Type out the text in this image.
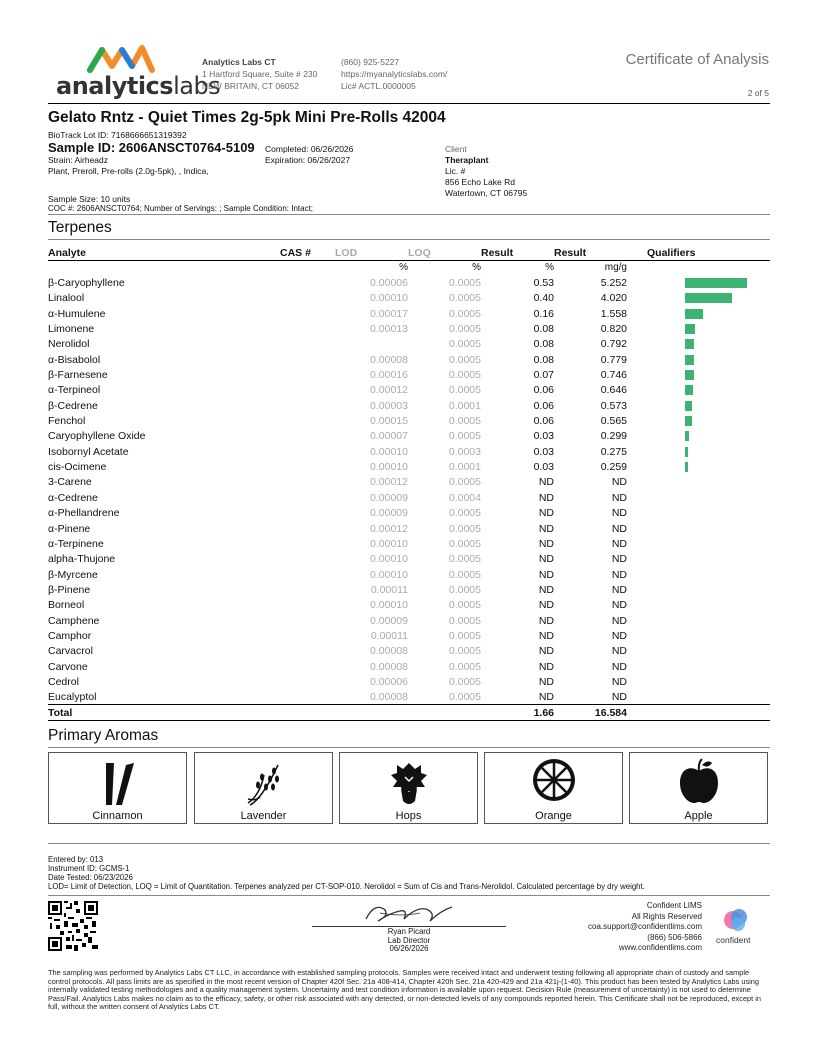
analyticslabs
Analytics Labs CT
1 Hartford Square, Suite # 230
NEW BRITAIN, CT 06052
(860) 925-5227
https://myanalyticslabs.com/
Lic# ACTL.0000005
Certificate of Analysis
2 of 5
Gelato Rntz - Quiet Times 2g-5pk Mini Pre-Rolls 42004
BioTrack Lot ID: 7168666651319392
Sample ID: 2606ANSCT0764-5109 Completed: 06/26/2026
Expiration: 06/26/2027
Strain: Airheadz
Plant, Preroll, Pre-rolls (2.0g-5pk), , Indica,
Sample Size: 10 units
COC #: 2606ANSCT0764; Number of Servings: ; Sample Condition: Intact;
Client
Theraplant
Lic. #
856 Echo Lake Rd
Watertown, CT 06795
Terpenes
Analyte	CAS #	LOD	LOQ	Result	Result	Qualifiers
		%	%	%	mg/g	
β-Caryophyllene		0.00006	0.0005	0.53	5.252	

Linalool		0.00010	0.0005	0.40	4.020	

α-Humulene		0.00017	0.0005	0.16	1.558	

Limonene		0.00013	0.0005	0.08	0.820	

Nerolidol			0.0005	0.08	0.792	

α-Bisabolol		0.00008	0.0005	0.08	0.779	

β-Farnesene		0.00016	0.0005	0.07	0.746	

α-Terpineol		0.00012	0.0005	0.06	0.646	

β-Cedrene		0.00003	0.0001	0.06	0.573	

Fenchol		0.00015	0.0005	0.06	0.565	

Caryophyllene Oxide		0.00007	0.0005	0.03	0.299	

Isobornyl Acetate		0.00010	0.0003	0.03	0.275	

cis-Ocimene		0.00010	0.0001	0.03	0.259	

3-Carene		0.00012	0.0005	ND	ND	
α-Cedrene		0.00009	0.0004	ND	ND	
α-Phellandrene		0.00009	0.0005	ND	ND	
α-Pinene		0.00012	0.0005	ND	ND	
α-Terpinene		0.00010	0.0005	ND	ND	
alpha-Thujone		0.00010	0.0005	ND	ND	
β-Myrcene		0.00010	0.0005	ND	ND	
β-Pinene		0.00011	0.0005	ND	ND	
Borneol		0.00010	0.0005	ND	ND	
Camphene		0.00009	0.0005	ND	ND	
Camphor		0.00011	0.0005	ND	ND	
Carvacrol		0.00008	0.0005	ND	ND	
Carvone		0.00008	0.0005	ND	ND	
Cedrol		0.00006	0.0005	ND	ND	
Eucalyptol		0.00008	0.0005	ND	ND	
Total				1.66	16.584	
Primary Aromas
Cinnamon	Lavender	Hops	Orange	Apple
Entered by: 013
Instrument ID: GCMS-1
Date Tested: 06/23/2026
LOD= Limit of Detection, LOQ = Limit of Quantitation. Terpenes analyzed per CT-SOP-010. Nerolidol = Sum of Cis and Trans-Nerolidol. Calculated percentage by dry weight.
Ryan Picard
Lab Director
06/26/2026
Confident LIMS
All Rights Reserved
coa.support@confidentlims.com
(866) 506-5866
www.confidentlims.com
confident
The sampling was performed by Analytics Labs CT LLC, in accordance with established sampling protocols. Samples were received intact and underwent testing following all appropriate chain of custody and sample control protocols. All pass limits are as specified in the most recent version of Chapter 420f Sec. 21a 408-414, Chapter 420h Sec. 21a 420-429 and 21a 421j-(1-40). This product has been tested by Analytics Labs using internally validated testing methodologies and a quality management system. Uncertainty and test condition information is available upon request. Decision Rule (measurement of uncertainty) is not used to determine Pass/Fail. Analytics Labs makes no claim as to the efficacy, safety, or other risk associated with any detected, or non-detected levels of any compounds reported herein. This Certificate shall not be reproduced, except in full, without the written consent of Analytics Labs CT.
